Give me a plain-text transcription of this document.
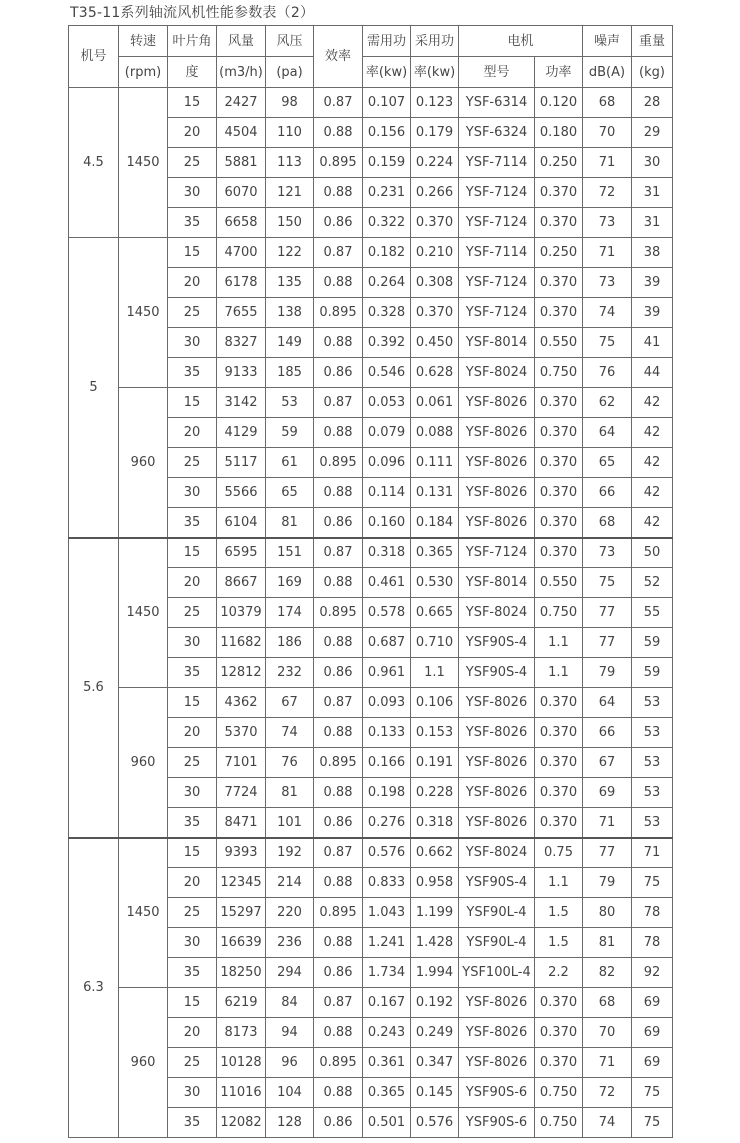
T35-11系列轴流风机性能参数表（2）
机号	转速	叶片角	风量	风压	效率	需用功	采用功	电机		噪声	重量
	(rpm)	度	(m3/h)	(pa)		率(kw)	率(kw)	型号	功率	dB(A)	(kg)
4.5	1450	15	2427	98	0.87	0.107	0.123	YSF-6314	0.120	68	28
		20	4504	110	0.88	0.156	0.179	YSF-6324	0.180	70	29
		25	5881	113	0.895	0.159	0.224	YSF-7114	0.250	71	30
		30	6070	121	0.88	0.231	0.266	YSF-7124	0.370	72	31
		35	6658	150	0.86	0.322	0.370	YSF-7124	0.370	73	31
5	1450	15	4700	122	0.87	0.182	0.210	YSF-7114	0.250	71	38
		20	6178	135	0.88	0.264	0.308	YSF-7124	0.370	73	39
		25	7655	138	0.895	0.328	0.370	YSF-7124	0.370	74	39
		30	8327	149	0.88	0.392	0.450	YSF-8014	0.550	75	41
		35	9133	185	0.86	0.546	0.628	YSF-8024	0.750	76	44
	960	15	3142	53	0.87	0.053	0.061	YSF-8026	0.370	62	42
		20	4129	59	0.88	0.079	0.088	YSF-8026	0.370	64	42
		25	5117	61	0.895	0.096	0.111	YSF-8026	0.370	65	42
		30	5566	65	0.88	0.114	0.131	YSF-8026	0.370	66	42
		35	6104	81	0.86	0.160	0.184	YSF-8026	0.370	68	42
5.6	1450	15	6595	151	0.87	0.318	0.365	YSF-7124	0.370	73	50
		20	8667	169	0.88	0.461	0.530	YSF-8014	0.550	75	52
		25	10379	174	0.895	0.578	0.665	YSF-8024	0.750	77	55
		30	11682	186	0.88	0.687	0.710	YSF90S-4	1.1	77	59
		35	12812	232	0.86	0.961	1.1	YSF90S-4	1.1	79	59
	960	15	4362	67	0.87	0.093	0.106	YSF-8026	0.370	64	53
		20	5370	74	0.88	0.133	0.153	YSF-8026	0.370	66	53
		25	7101	76	0.895	0.166	0.191	YSF-8026	0.370	67	53
		30	7724	81	0.88	0.198	0.228	YSF-8026	0.370	69	53
		35	8471	101	0.86	0.276	0.318	YSF-8026	0.370	71	53
6.3	1450	15	9393	192	0.87	0.576	0.662	YSF-8024	0.75	77	71
		20	12345	214	0.88	0.833	0.958	YSF90S-4	1.1	79	75
		25	15297	220	0.895	1.043	1.199	YSF90L-4	1.5	80	78
		30	16639	236	0.88	1.241	1.428	YSF90L-4	1.5	81	78
		35	18250	294	0.86	1.734	1.994	YSF100L-4	2.2	82	92
	960	15	6219	84	0.87	0.167	0.192	YSF-8026	0.370	68	69
		20	8173	94	0.88	0.243	0.249	YSF-8026	0.370	70	69
		25	10128	96	0.895	0.361	0.347	YSF-8026	0.370	71	69
		30	11016	104	0.88	0.365	0.145	YSF90S-6	0.750	72	75
		35	12082	128	0.86	0.501	0.576	YSF90S-6	0.750	74	75
